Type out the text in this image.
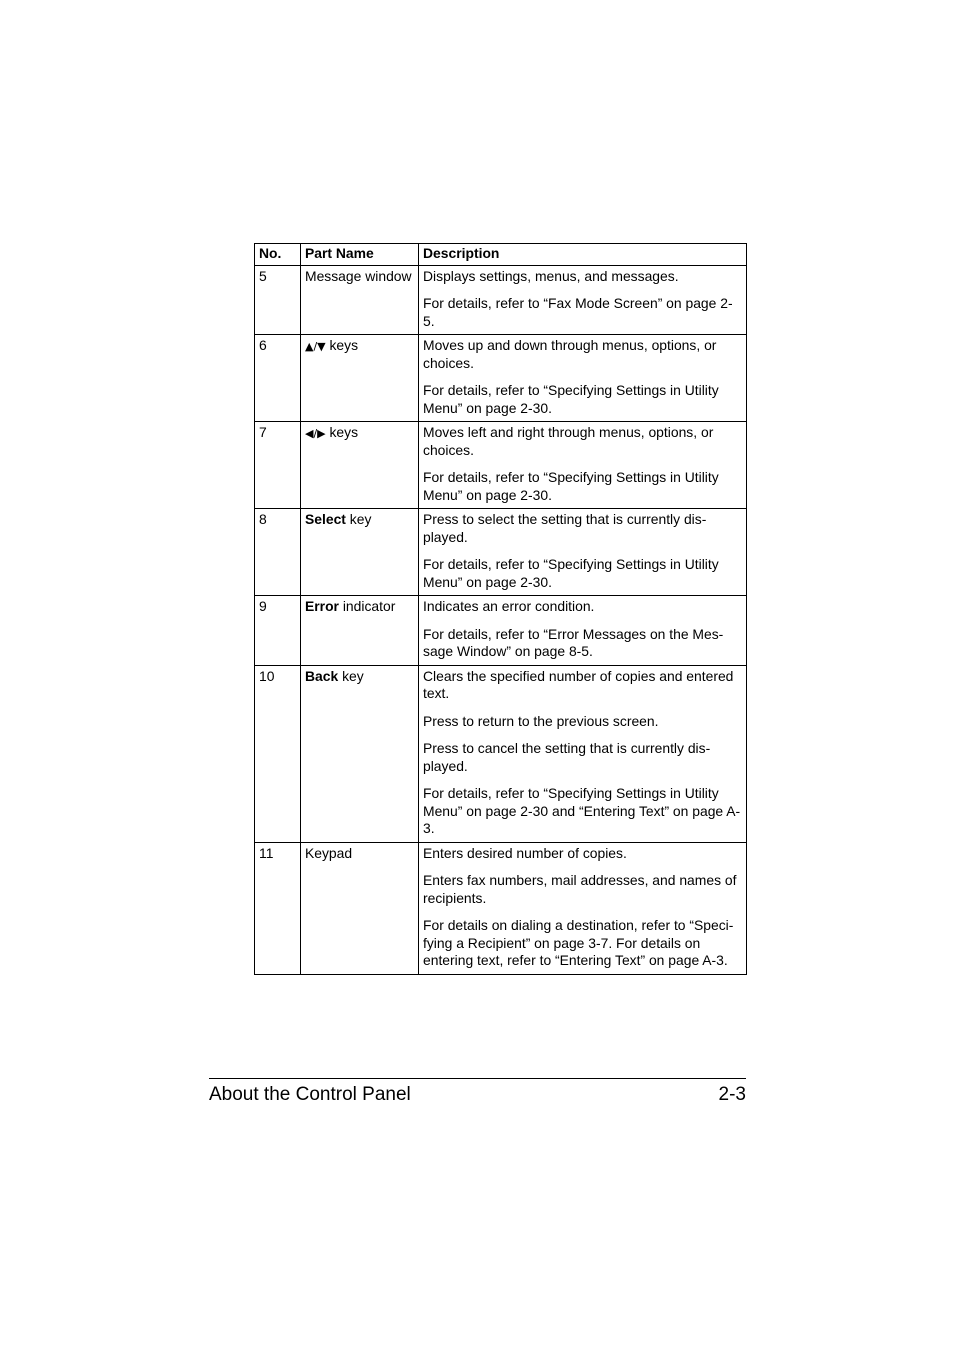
No.	Part Name	Description
5	Message window	Displays settings, menus, and messages.

For details, refer to “Fax Mode Screen” on page 2-5.

6	▲/▼ keys	Moves up and down through menus, options, or choices.

For details, refer to “Specifying Settings in Utility Menu” on page 2-30.

7	◀/▶ keys	Moves left and right through menus, options, or choices.

For details, refer to “Specifying Settings in Utility Menu” on page 2-30.

8	Select key	Press to select the setting that is currently dis-played.

For details, refer to “Specifying Settings in Utility Menu” on page 2-30.

9	Error indicator	Indicates an error condition.

For details, refer to “Error Messages on the Mes-sage Window” on page 8-5.

10	Back key	Clears the specified number of copies and entered text.

Press to return to the previous screen.

Press to cancel the setting that is currently dis-played.

For details, refer to “Specifying Settings in Utility Menu” on page 2-30 and “Entering Text” on page A-3.

11	Keypad	Enters desired number of copies.

Enters fax numbers, mail addresses, and names of recipients.

For details on dialing a destination, refer to “Speci-fying a Recipient” on page 3-7. For details on entering text, refer to “Entering Text” on page A-3.

About the Control Panel	2-3
